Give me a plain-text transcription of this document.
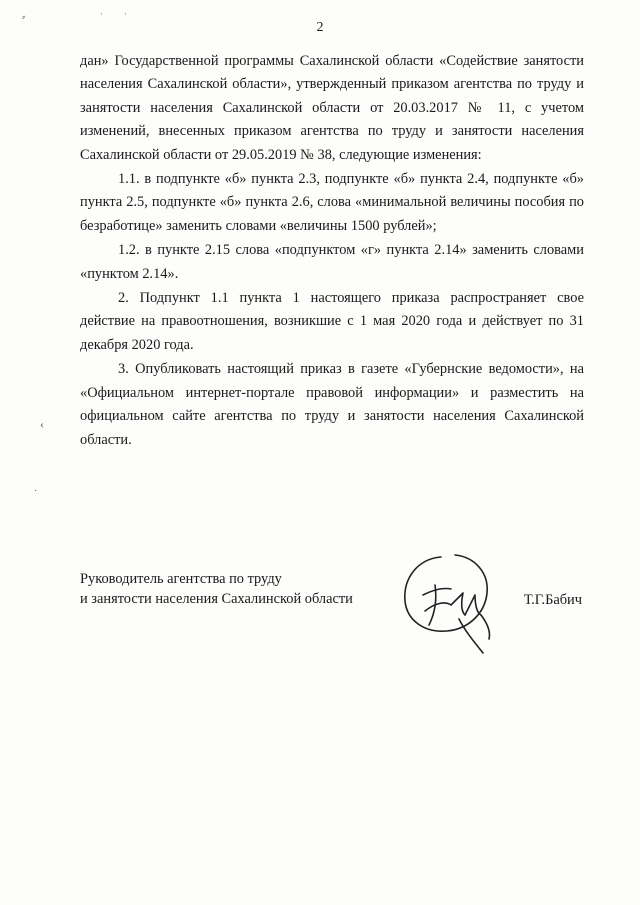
⸗	ˈ ˈ
‹
·
2

дан» Государственной программы Сахалинской области «Содействие занятости населения Сахалинской области», утвержденный приказом агентства по труду и занятости населения Сахалинской области от 20.03.2017 № 11, с учетом изменений, внесенных приказом агентства по труду и занятости населения Сахалинской области от 29.05.2019 № 38, следующие изменения:

1.1. в подпункте «б» пункта 2.3, подпункте «б» пункта 2.4, подпункте «б» пункта 2.5, подпункте «б» пункта 2.6, слова «минимальной величины пособия по безработице» заменить словами «величины 1500 рублей»;

1.2. в пункте 2.15 слова «подпунктом «г» пункта 2.14» заменить словами «пунктом 2.14».

2. Подпункт 1.1 пункта 1 настоящего приказа распространяет свое действие на правоотношения, возникшие с 1 мая 2020 года и действует по 31 декабря 2020 года.

3. Опубликовать настоящий приказ в газете «Губернские ведомости», на «Официальном интернет-портале правовой информации» и разместить на официальном сайте агентства по труду и занятости населения Сахалинской области.

Руководитель агентства по труду
и занятости населения Сахалинской области	Т.Г.Бабич
